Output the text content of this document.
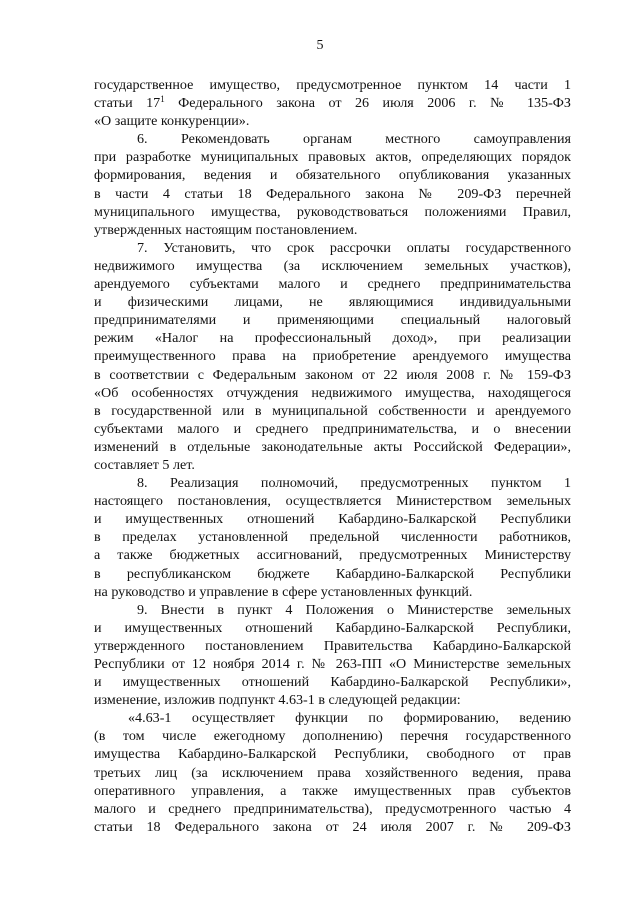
5
государственное имущество, предусмотренное пунктом 14 части 1
статьи $17^1$ Федерального закона от 26 июля 2006 г. № 135-ФЗ
«О защите конкуренции».
6. Рекомендовать органам местного самоуправления
при разработке муниципальных правовых актов, определяющих порядок
формирования, ведения и обязательного опубликования указанных
в части 4 статьи 18 Федерального закона № 209-ФЗ перечней
муниципального имущества, руководствоваться положениями Правил,
утвержденных настоящим постановлением.
7. Установить, что срок рассрочки оплаты государственного
недвижимого имущества (за исключением земельных участков),
арендуемого субъектами малого и среднего предпринимательства
и физическими лицами, не являющимися индивидуальными
предпринимателями и применяющими специальный налоговый
режим «Налог на профессиональный доход», при реализации
преимущественного права на приобретение арендуемого имущества
в соответствии с Федеральным законом от 22 июля 2008 г. № 159-ФЗ
«Об особенностях отчуждения недвижимого имущества, находящегося
в государственной или в муниципальной собственности и арендуемого
субъектами малого и среднего предпринимательства, и о внесении
изменений в отдельные законодательные акты Российской Федерации»,
составляет 5 лет.
8. Реализация полномочий, предусмотренных пунктом 1
настоящего постановления, осуществляется Министерством земельных
и имущественных отношений Кабардино-Балкарской Республики
в пределах установленной предельной численности работников,
а также бюджетных ассигнований, предусмотренных Министерству
в республиканском бюджете Кабардино-Балкарской Республики
на руководство и управление в сфере установленных функций.
9. Внести в пункт 4 Положения о Министерстве земельных
и имущественных отношений Кабардино-Балкарской Республики,
утвержденного постановлением Правительства Кабардино-Балкарской
Республики от 12 ноября 2014 г. № 263-ПП «О Министерстве земельных
и имущественных отношений Кабардино-Балкарской Республики»,
изменение, изложив подпункт 4.63-1 в следующей редакции:
«4.63-1 осуществляет функции по формированию, ведению
(в том числе ежегодному дополнению) перечня государственного
имущества Кабардино-Балкарской Республики, свободного от прав
третьих лиц (за исключением права хозяйственного ведения, права
оперативного управления, а также имущественных прав субъектов
малого и среднего предпринимательства), предусмотренного частью 4
статьи 18 Федерального закона от 24 июля 2007 г. № 209-ФЗ
